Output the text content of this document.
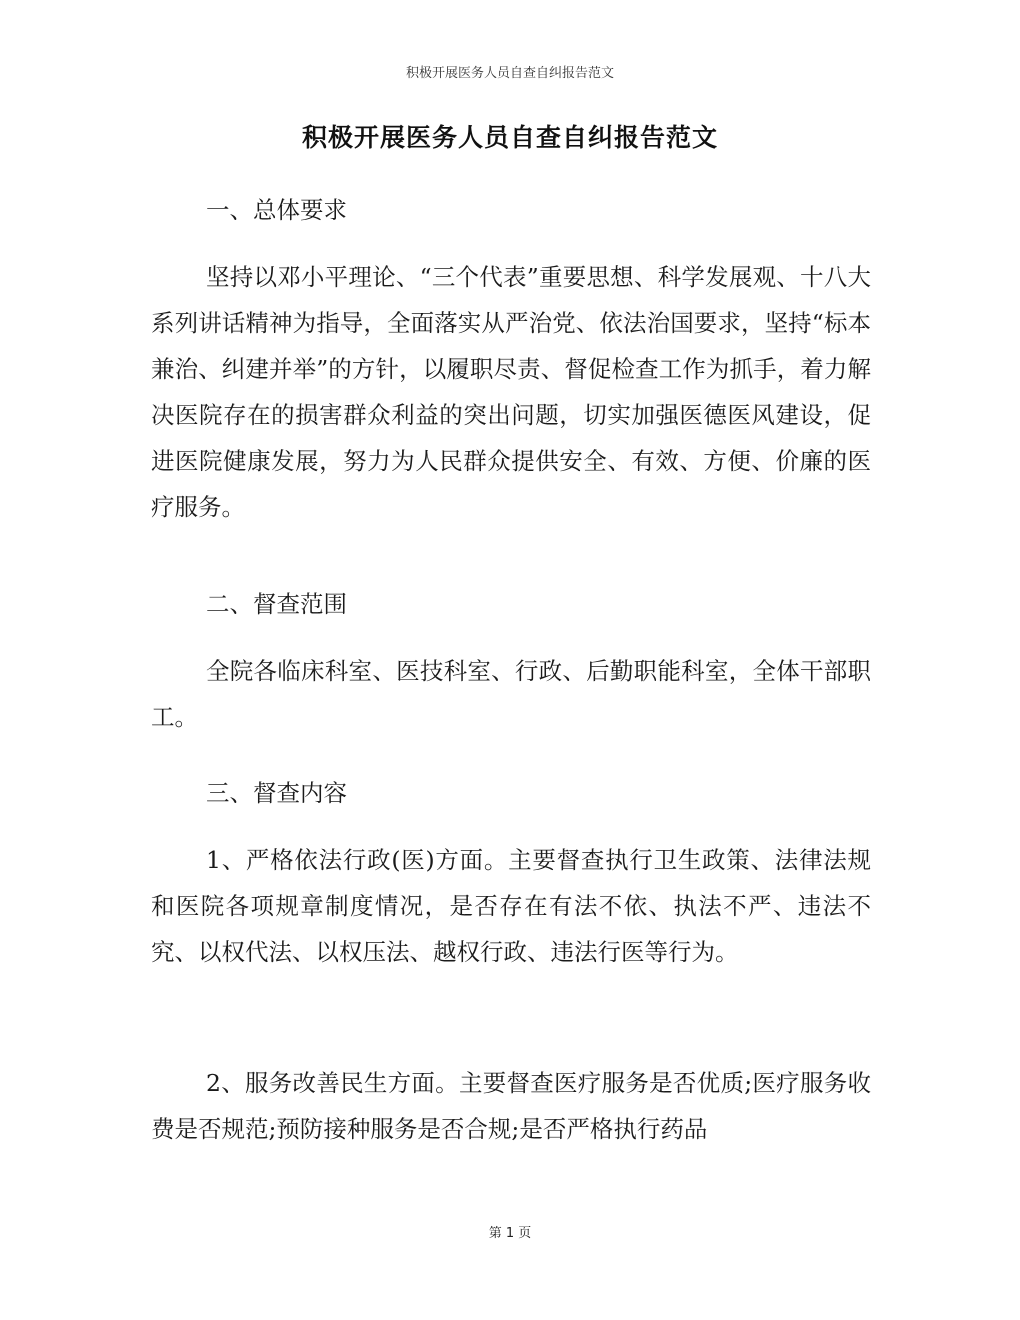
积极开展医务人员自查自纠报告范文
积极开展医务人员自查自纠报告范文

一、总体要求

坚持以邓小平理论、“三个代表”重要思想、科学发展观、十八大系列讲话精神为指导，全面落实从严治党、依法治国要求，坚持“标本兼治、纠建并举”的方针，以履职尽责、督促检查工作为抓手，着力解决医院存在的损害群众利益的突出问题，切实加强医德医风建设，促进医院健康发展，努力为人民群众提供安全、有效、方便、价廉的医疗服务。

二、督查范围

全院各临床科室、医技科室、行政、后勤职能科室，全体干部职工。

三、督查内容

1、严格依法行政(医)方面。主要督查执行卫生政策、法律法规和医院各项规章制度情况，是否存在有法不依、执法不严、违法不究、以权代法、以权压法、越权行政、违法行医等行为。

2、服务改善民生方面。主要督查医疗服务是否优质;医疗服务收费是否规范;预防接种服务是否合规;是否严格执行药品

第 1 页
